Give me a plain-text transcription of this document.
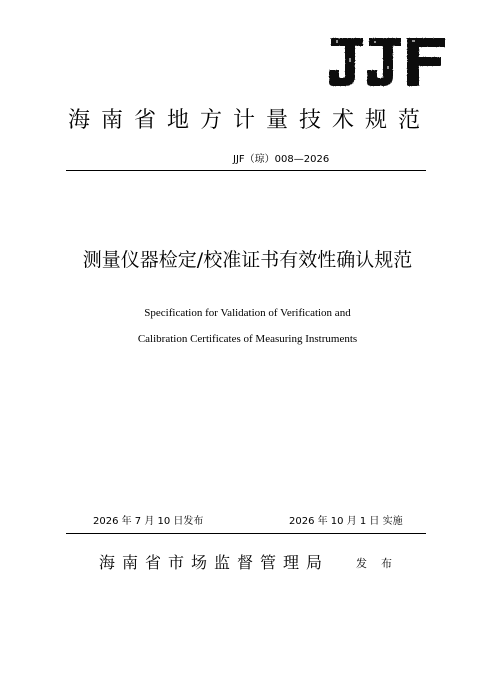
海南省地方计量技术规范
JJF（琼）008—2026
测量仪器检定/校准证书有效性确认规范
Specification for Validation of Verification and
Calibration Certificates of Measuring Instruments
2026 年 7 月 10 日发布	2026 年 10 月 1 日 实施
海南省市场监督管理局 发布
